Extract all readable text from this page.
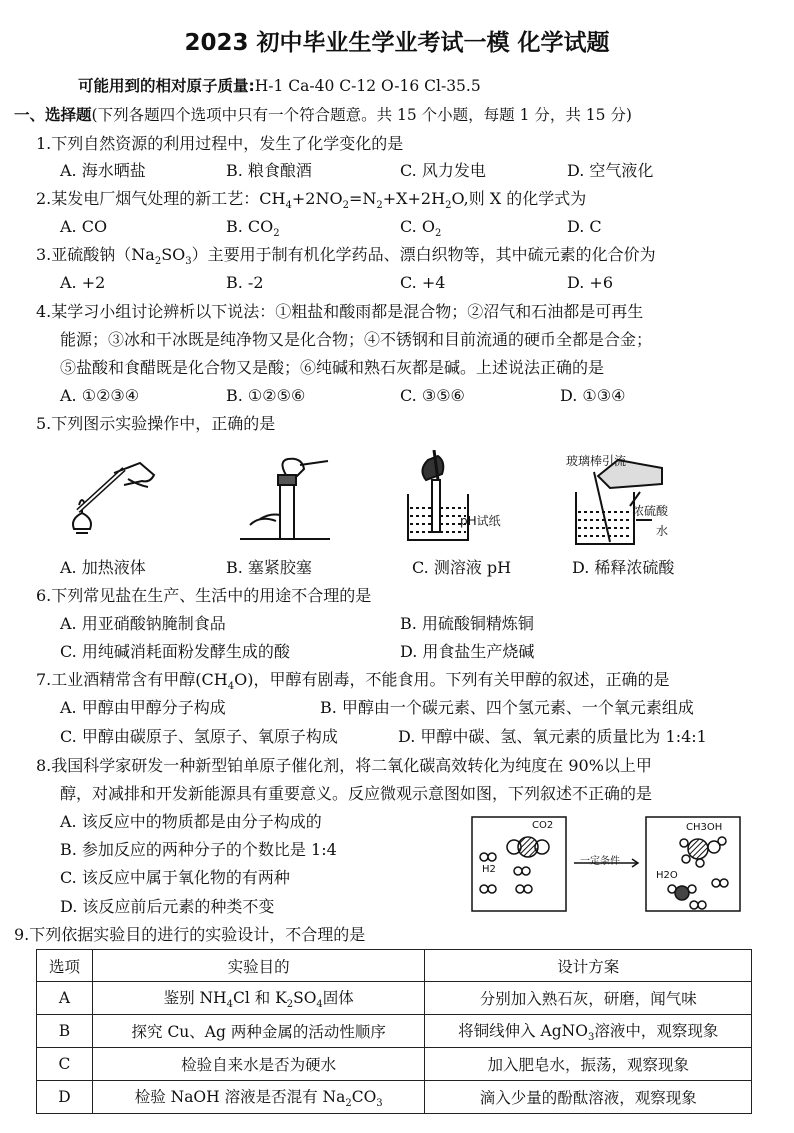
2023 初中毕业生学业考试一模 化学试题
可能用到的相对原子质量:H-1 Ca-40 C-12 O-16 Cl-35.5
一、选择题(下列各题四个选项中只有一个符合题意。共 15 个小题，每题 1 分，共 15 分)
1.下列自然资源的利用过程中，发生了化学变化的是
A. 海水晒盐	B. 粮食酿酒	C. 风力发电	D. 空气液化
2.某发电厂烟气处理的新工艺：$CH_4+2NO_2=N_2+X+2H_2O$,则 X 的化学式为
A. CO	B. $CO_2$	C. $O_2$	D. C
3.亚硫酸钠$(Na_2SO_3)$主要用于制有机化学药品、漂白织物等，其中硫元素的化合价为
A. +2	B. -2	C. +4	D. +6
4.某学习小组讨论辨析以下说法：①粗盐和酸雨都是混合物；②沼气和石油都是可再生
能源；③冰和干冰既是纯净物又是化合物；④不锈钢和目前流通的硬币全都是合金；
⑤盐酸和食醋既是化合物又是酸；⑥纯碱和熟石灰都是碱。上述说法正确的是
A. ①②③④	B. ①②⑤⑥	C. ③⑤⑥	D. ①③④
5.下列图示实验操作中，正确的是
pH试纸
玻璃棒引流
浓硫酸
水
A. 加热液体	B. 塞紧胶塞	C. 测溶液 pH	D. 稀释浓硫酸
6.下列常见盐在生产、生活中的用途不合理的是
A. 用亚硝酸钠腌制食品	B. 用硫酸铜精炼铜
C. 用纯碱消耗面粉发酵生成的酸	D. 用食盐生产烧碱
7.工业酒精常含有甲醇$(CH_4O)$，甲醇有剧毒，不能食用。下列有关甲醇的叙述，正确的是
A. 甲醇由甲醇分子构成	B. 甲醇由一个碳元素、四个氢元素、一个氧元素组成
C. 甲醇由碳原子、氢原子、氧原子构成	D. 甲醇中碳、氢、氧元素的质量比为 1:4:1
8.我国科学家研发一种新型铂单原子催化剂，将二氧化碳高效转化为纯度在 90%以上甲
醇，对减排和开发新能源具有重要意义。反应微观示意图如图，下列叙述不正确的是
A. 该反应中的物质都是由分子构成的
B. 参加反应的两种分子的个数比是 1:4
C. 该反应中属于氧化物的有两种
D. 该反应前后元素的种类不变
CO2
H2
一定条件
CH3OH
H2O
9.下列依据实验目的进行的实验设计，不合理的是
选项	实验目的	设计方案
A	鉴别 $NH_4Cl$ 和 $K_2SO_4$固体	分别加入熟石灰，研磨，闻气味
B	探究 Cu、Ag 两种金属的活动性顺序	将铜线伸入 AgNO$_3$溶液中，观察现象
C	检验自来水是否为硬水	加入肥皂水，振荡，观察现象
D	检验 NaOH 溶液是否混有 $Na_2CO_3$	滴入少量的酚酞溶液，观察现象
